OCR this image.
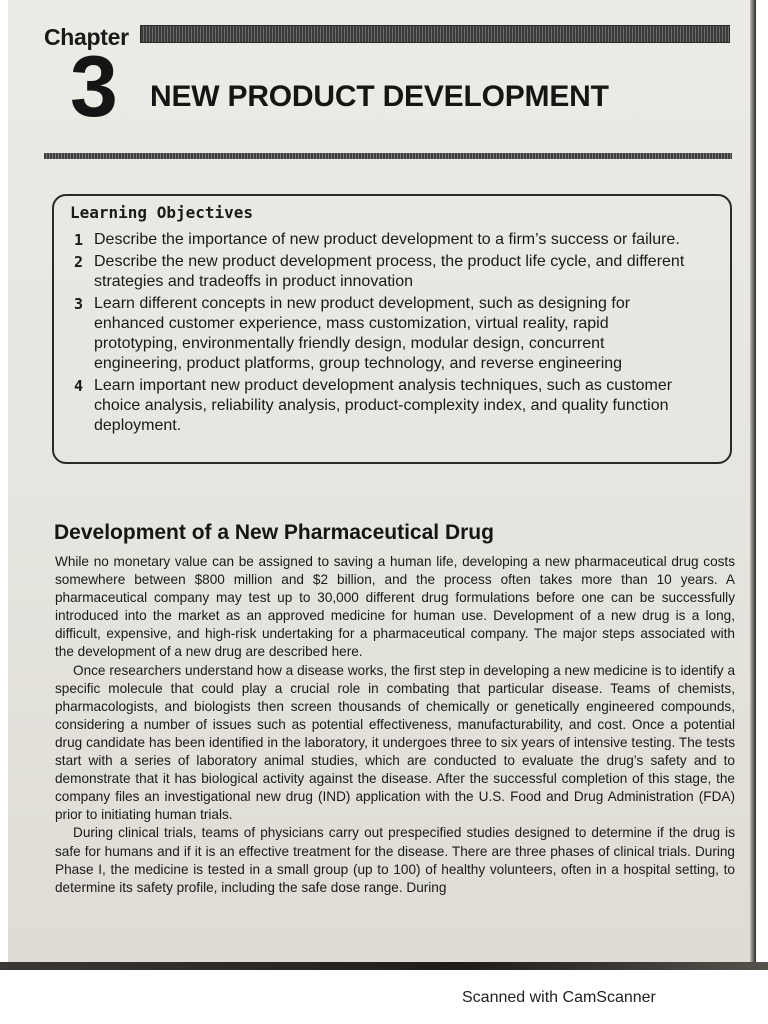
Chapter
3 NEW PRODUCT DEVELOPMENT
Learning Objectives
1 Describe the importance of new product development to a firm’s success or failure.
2 Describe the new product development process, the product life cycle, and different strategies and tradeoffs in product innovation
3 Learn different concepts in new product development, such as designing for enhanced customer experience, mass customization, virtual reality, rapid prototyping, environmentally friendly design, modular design, concurrent engineering, product platforms, group technology, and reverse engineering
4 Learn important new product development analysis techniques, such as customer choice analysis, reliability analysis, product-complexity index, and quality function deployment.
Development of a New Pharmaceutical Drug

While no monetary value can be assigned to saving a human life, developing a new pharmaceutical drug costs somewhere between $800 million and $2 billion, and the process often takes more than 10 years. A pharmaceutical company may test up to 30,000 different drug formulations before one can be successfully introduced into the market as an approved medicine for human use. Development of a new drug is a long, difficult, expensive, and high-risk undertaking for a pharmaceutical company. The major steps associated with the development of a new drug are described here.

Once researchers understand how a disease works, the first step in developing a new medicine is to identify a specific molecule that could play a crucial role in combating that particular disease. Teams of chemists, pharmacologists, and biologists then screen thousands of chemically or genetically engineered compounds, considering a number of issues such as potential effectiveness, manufacturability, and cost. Once a potential drug candidate has been identified in the laboratory, it undergoes three to six years of intensive testing. The tests start with a series of laboratory animal studies, which are conducted to evaluate the drug’s safety and to demonstrate that it has biological activity against the disease. After the successful completion of this stage, the company files an investigational new drug (IND) application with the U.S. Food and Drug Administration (FDA) prior to initiating human trials.

During clinical trials, teams of physicians carry out prespecified studies designed to determine if the drug is safe for humans and if it is an effective treatment for the disease. There are three phases of clinical trials. During Phase I, the medicine is tested in a small group (up to 100) of healthy volunteers, often in a hospital setting, to determine its safety profile, including the safe dose range. During

Scanned with CamScanner
